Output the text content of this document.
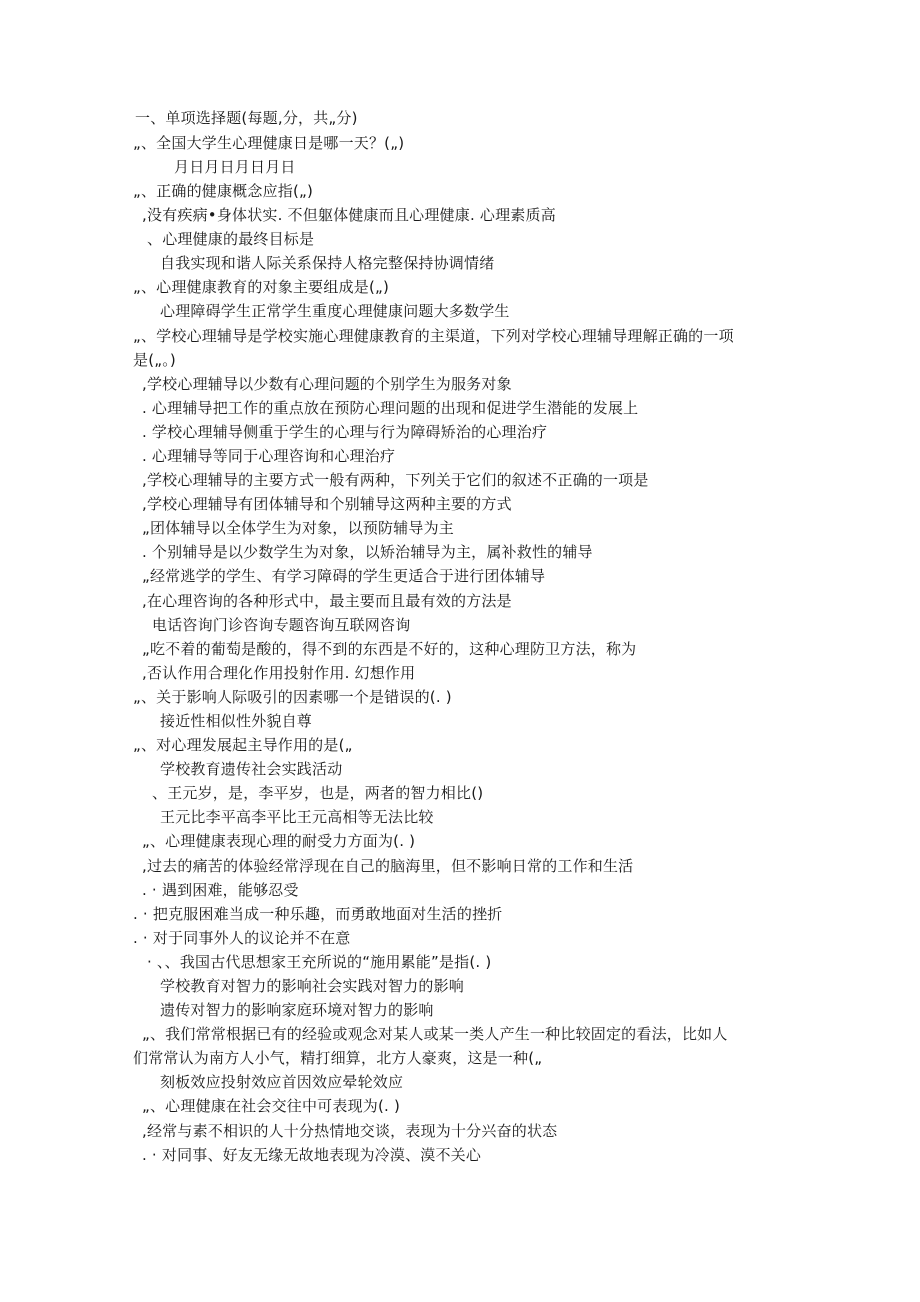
一、单项选择题(每题,分，共„分)
„、全国大学生心理健康日是哪一天？(„)
月日月日月日月日
„、正确的健康概念应指(„)
,没有疾病•身体状实. 不但躯体健康而且心理健康. 心理素质高
、心理健康的最终目标是
自我实现和谐人际关系保持人格完整保持协调情绪
„、心理健康教育的对象主要组成是(„)
心理障碍学生正常学生重度心理健康问题大多数学生
„、学校心理辅导是学校实施心理健康教育的主渠道，下列对学校心理辅导理解正确的一项
是(„。)
,学校心理辅导以少数有心理问题的个别学生为服务对象
. 心理辅导把工作的重点放在预防心理问题的出现和促进学生潜能的发展上
. 学校心理辅导侧重于学生的心理与行为障碍矫治的心理治疗
. 心理辅导等同于心理咨询和心理治疗
,学校心理辅导的主要方式一般有两种，下列关于它们的叙述不正确的一项是
,学校心理辅导有团体辅导和个别辅导这两种主要的方式
„团体辅导以全体学生为对象，以预防辅导为主
. 个别辅导是以少数学生为对象，以矫治辅导为主，属补救性的辅导
„经常逃学的学生、有学习障碍的学生更适合于进行团体辅导
,在心理咨询的各种形式中，最主要而且最有效的方法是
电话咨询门诊咨询专题咨询互联网咨询
„吃不着的葡萄是酸的，得不到的东西是不好的，这种心理防卫方法，称为
,否认作用合理化作用投射作用. 幻想作用
„、关于影响人际吸引的因素哪一个是错误的(. )
接近性相似性外貌自尊
„、对心理发展起主导作用的是(„
学校教育遗传社会实践活动
、王元岁，是，李平岁，也是，两者的智力相比()
王元比李平高李平比王元高相等无法比较
„、心理健康表现心理的耐受力方面为(. )
,过去的痛苦的体验经常浮现在自己的脑海里，但不影响日常的工作和生活
. · 遇到困难，能够忍受
. · 把克服困难当成一种乐趣，而勇敢地面对生活的挫折
. · 对于同事外人的议论并不在意
· 、、我国古代思想家王充所说的“施用累能”是指(. )
学校教育对智力的影响社会实践对智力的影响
遗传对智力的影响家庭环境对智力的影响
„、我们常常根据已有的经验或观念对某人或某一类人产生一种比较固定的看法，比如人
们常常认为南方人小气，精打细算，北方人豪爽，这是一种(„
刻板效应投射效应首因效应晕轮效应
„、心理健康在社会交往中可表现为(. )
,经常与素不相识的人十分热情地交谈，表现为十分兴奋的状态
. · 对同事、好友无缘无故地表现为冷漠、漠不关心
